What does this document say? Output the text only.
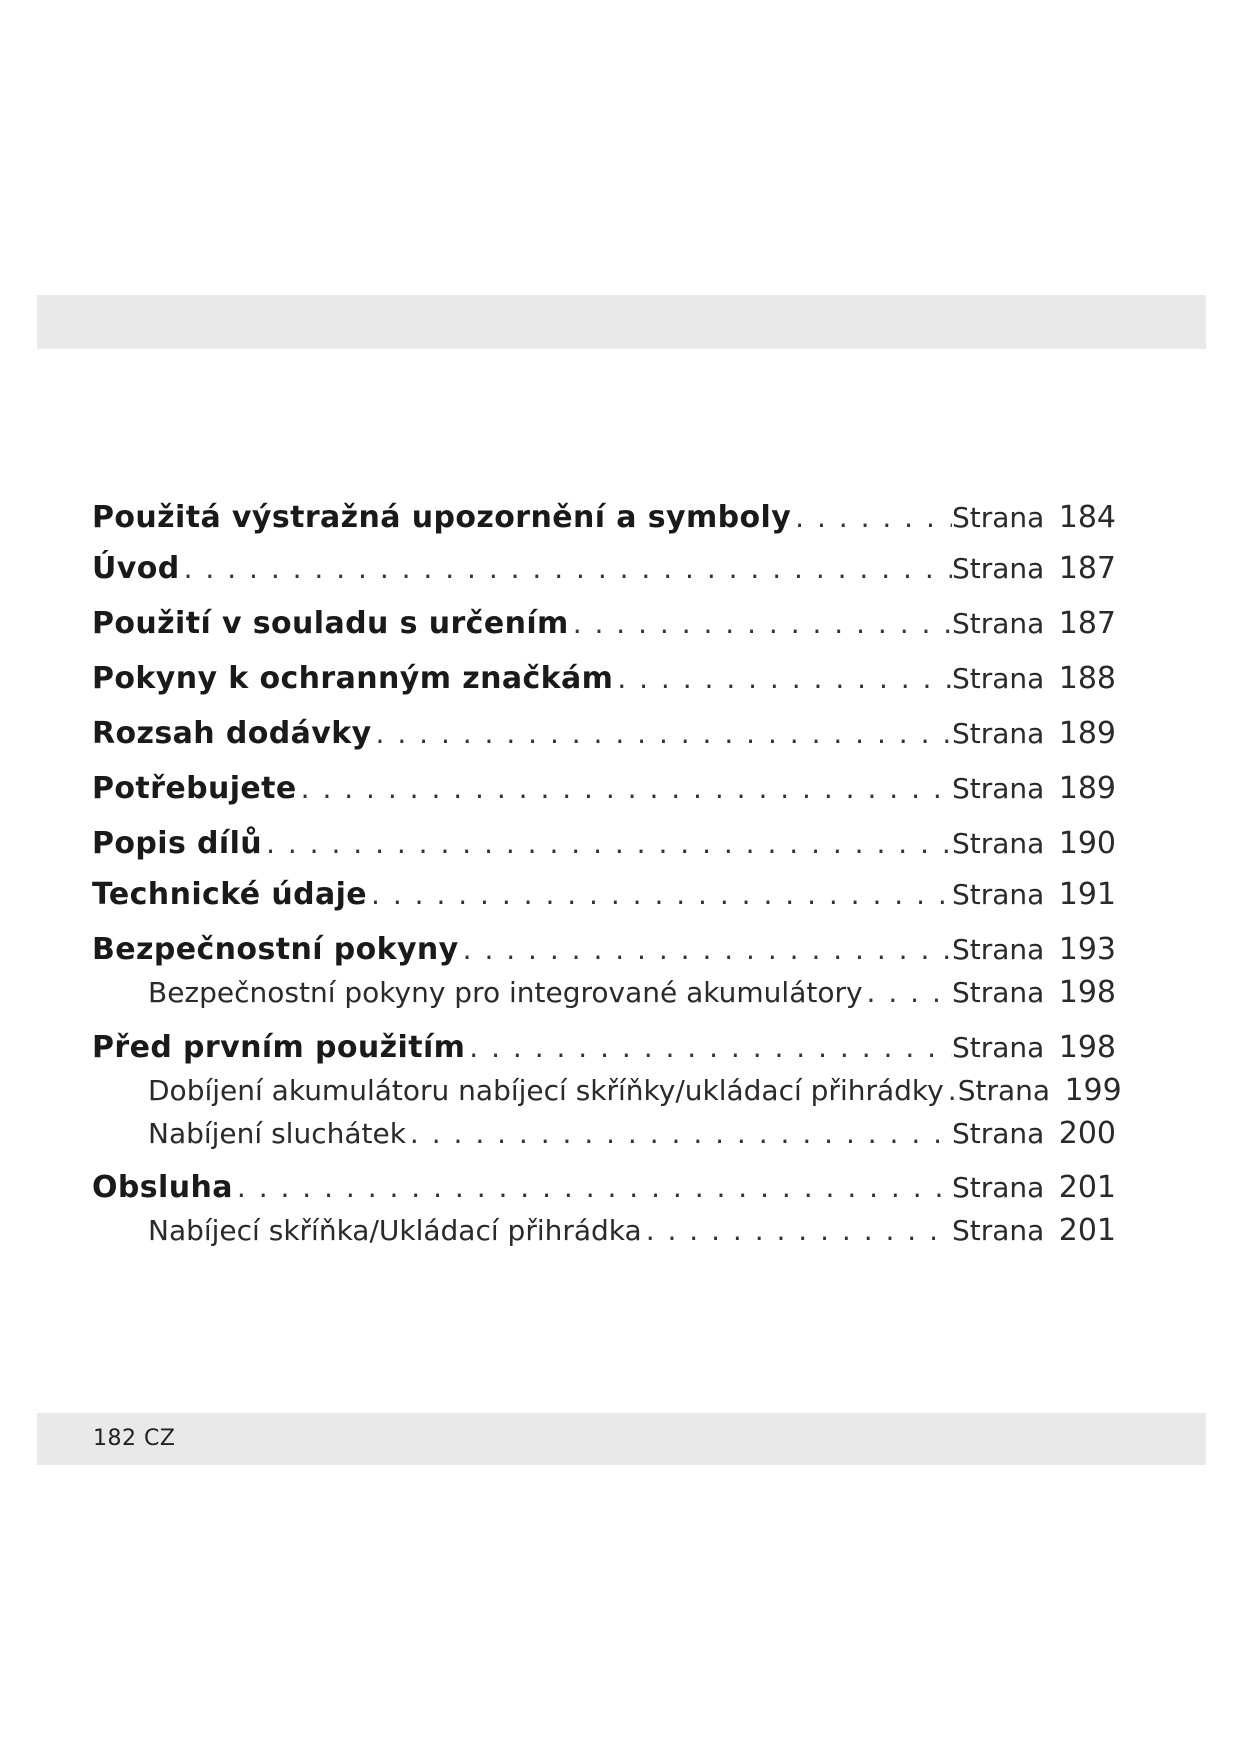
Použitá výstražná upozornění a symboly . . .	Strana 184
Úvod . . .	Strana 187
Použití v souladu s určením . . .	Strana 187
Pokyny k ochranným značkám . . .	Strana 188
Rozsah dodávky . . .	Strana 189
Potřebujete . . .	Strana 189
Popis dílů . . .	Strana 190
Technické údaje . . .	Strana 191
Bezpečnostní pokyny . . .	Strana 193
Bezpečnostní pokyny pro integrované akumulátory . . .	Strana 198
Před prvním použitím . . .	Strana 198
Dobíjení akumulátoru nabíjecí skříňky/ukládací přihrádky . . . Strana 199
Nabíjení sluchátek . . .	Strana 200
Obsluha . . .	Strana 201
Nabíjecí skříňka/Ukládací přihrádka . . .	Strana 201
182 CZ
